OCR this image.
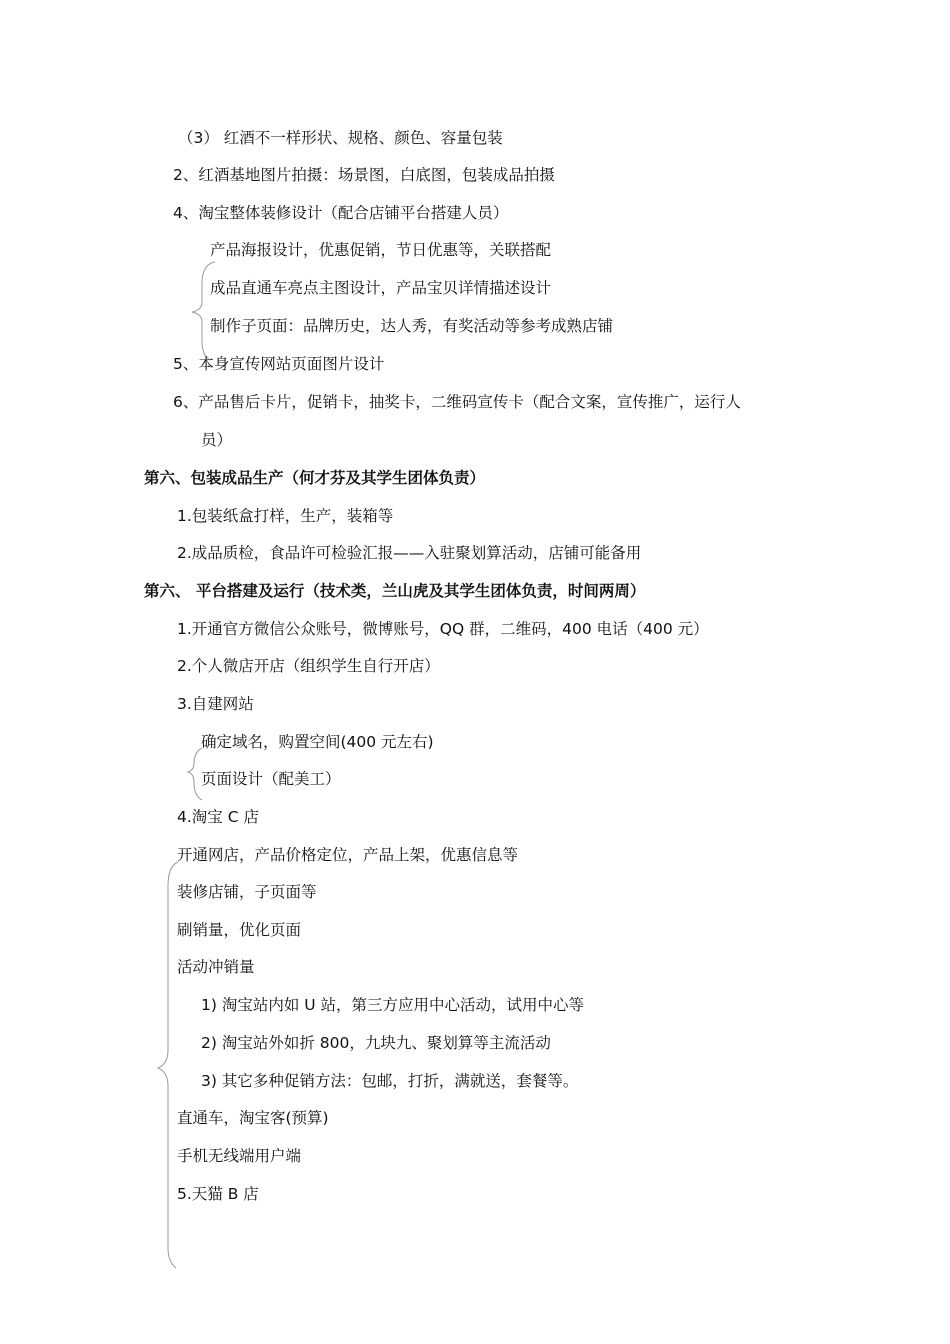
（3） 红酒不一样形状、规格、颜色、容量包装
2、红酒基地图片拍摄：场景图，白底图，包装成品拍摄
4、淘宝整体装修设计（配合店铺平台搭建人员）
产品海报设计，优惠促销，节日优惠等，关联搭配
成品直通车亮点主图设计，产品宝贝详情描述设计
制作子页面：品牌历史，达人秀，有奖活动等参考成熟店铺
5、本身宣传网站页面图片设计
6、产品售后卡片，促销卡，抽奖卡，二维码宣传卡（配合文案，宣传推广，运行人
员）
第六、包装成品生产（何才芬及其学生团体负责）
1.包装纸盒打样，生产，装箱等
2.成品质检，食品许可检验汇报——入驻聚划算活动，店铺可能备用
第六、 平台搭建及运行（技术类，兰山虎及其学生团体负责，时间两周）
1.开通官方微信公众账号，微博账号，QQ 群，二维码，400 电话（400 元）
2.个人微店开店（组织学生自行开店）
3.自建网站
确定域名，购置空间(400 元左右)
页面设计（配美工）
4.淘宝 C 店
开通网店，产品价格定位，产品上架，优惠信息等
装修店铺，子页面等
刷销量，优化页面
活动冲销量
1) 淘宝站内如 U 站，第三方应用中心活动，试用中心等
2) 淘宝站外如折 800，九块九、聚划算等主流活动
3) 其它多种促销方法：包邮，打折，满就送，套餐等。
直通车，淘宝客(预算)
手机无线端用户端
5.天猫 B 店
